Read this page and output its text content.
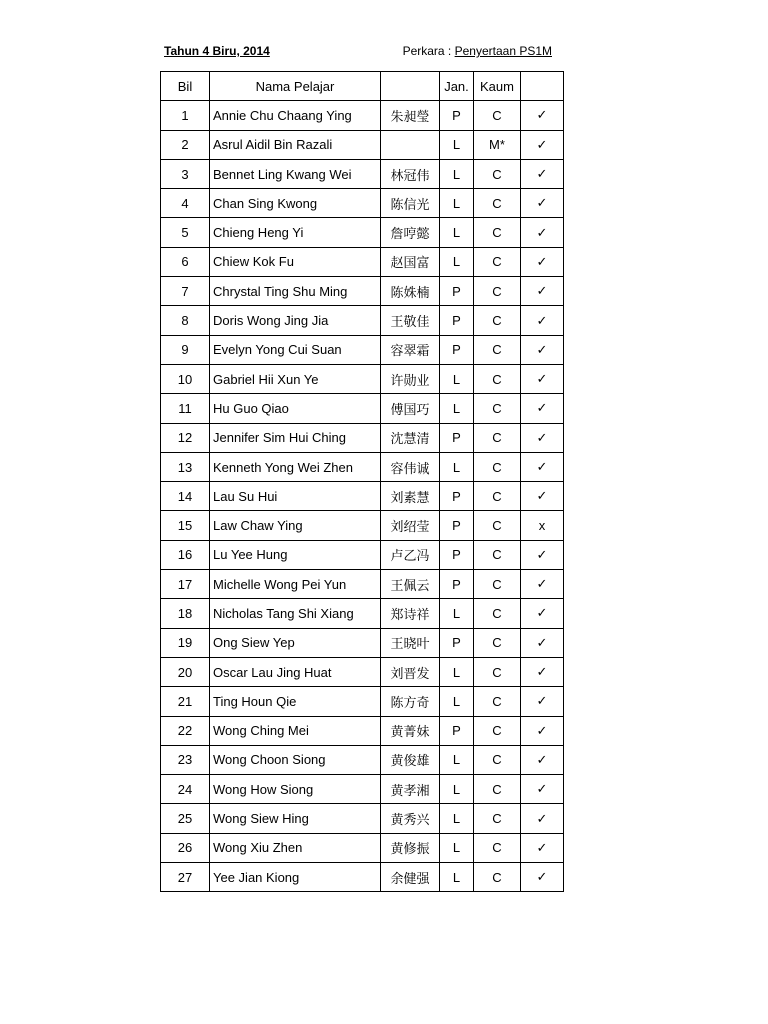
Tahun 4 Biru, 2014	Perkara : Penyertaan PS1M
Bil	Nama Pelajar		Jan.	Kaum	
1	Annie Chu Chaang Ying	朱昶瑩	P	C	✓
2	Asrul Aidil Bin Razali		L	M*	✓
3	Bennet Ling Kwang Wei	林冠伟	L	C	✓
4	Chan Sing Kwong	陈信光	L	C	✓
5	Chieng Heng Yi	詹哼懿	L	C	✓
6	Chiew Kok Fu	赵国富	L	C	✓
7	Chrystal Ting Shu Ming	陈姝楠	P	C	✓
8	Doris Wong Jing Jia	王敬佳	P	C	✓
9	Evelyn Yong Cui Suan	容翠霜	P	C	✓
10	Gabriel Hii Xun Ye	许勋业	L	C	✓
11	Hu Guo Qiao	傅国巧	L	C	✓
12	Jennifer Sim Hui Ching	沈慧清	P	C	✓
13	Kenneth Yong Wei Zhen	容伟诚	L	C	✓
14	Lau Su Hui	刘素慧	P	C	✓
15	Law Chaw Ying	刘绍莹	P	C	x
16	Lu Yee Hung	卢乙冯	P	C	✓
17	Michelle Wong Pei Yun	王佩云	P	C	✓
18	Nicholas Tang Shi Xiang	郑诗祥	L	C	✓
19	Ong Siew Yep	王晓叶	P	C	✓
20	Oscar Lau Jing Huat	刘晋发	L	C	✓
21	Ting Houn Qie	陈方奇	L	C	✓
22	Wong Ching Mei	黄菁妹	P	C	✓
23	Wong Choon Siong	黄俊雄	L	C	✓
24	Wong How Siong	黄孝湘	L	C	✓
25	Wong Siew Hing	黄秀兴	L	C	✓
26	Wong Xiu Zhen	黄修振	L	C	✓
27	Yee Jian Kiong	余健强	L	C	✓
